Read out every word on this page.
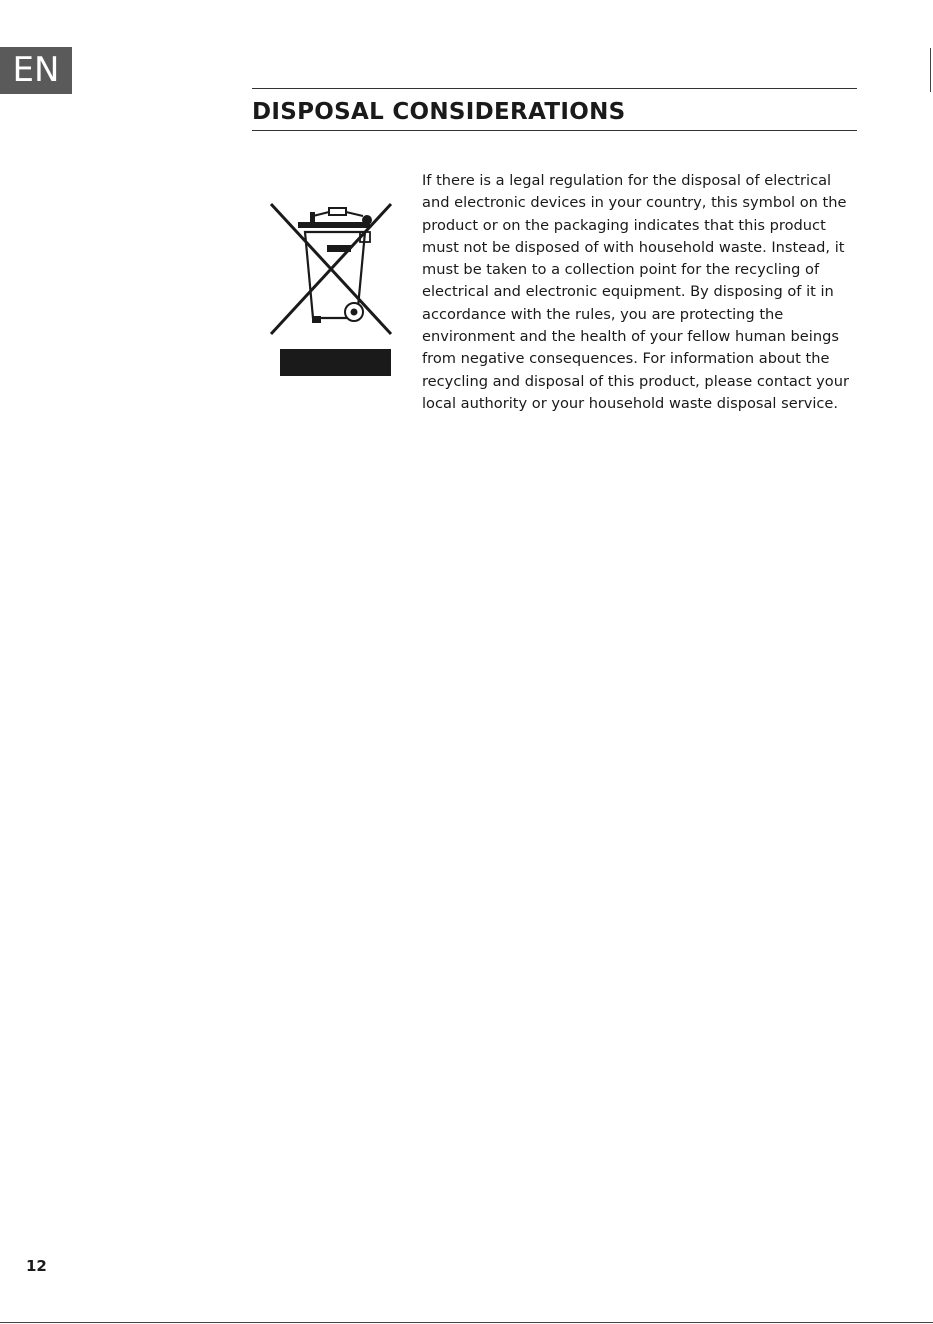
EN
DISPOSAL CONSIDERATIONS

If there is a legal regulation for the disposal of electrical and electronic devices in your country, this symbol on the product or on the packaging indicates that this product must not be disposed of with household waste. Instead, it must be taken to a collection point for the recycling of electrical and electronic equipment. By disposing of it in accordance with the rules, you are protecting the environment and the health of your fellow human beings from negative consequences. For information about the recycling and disposal of this product, please contact your local authority or your household waste disposal service.

12
